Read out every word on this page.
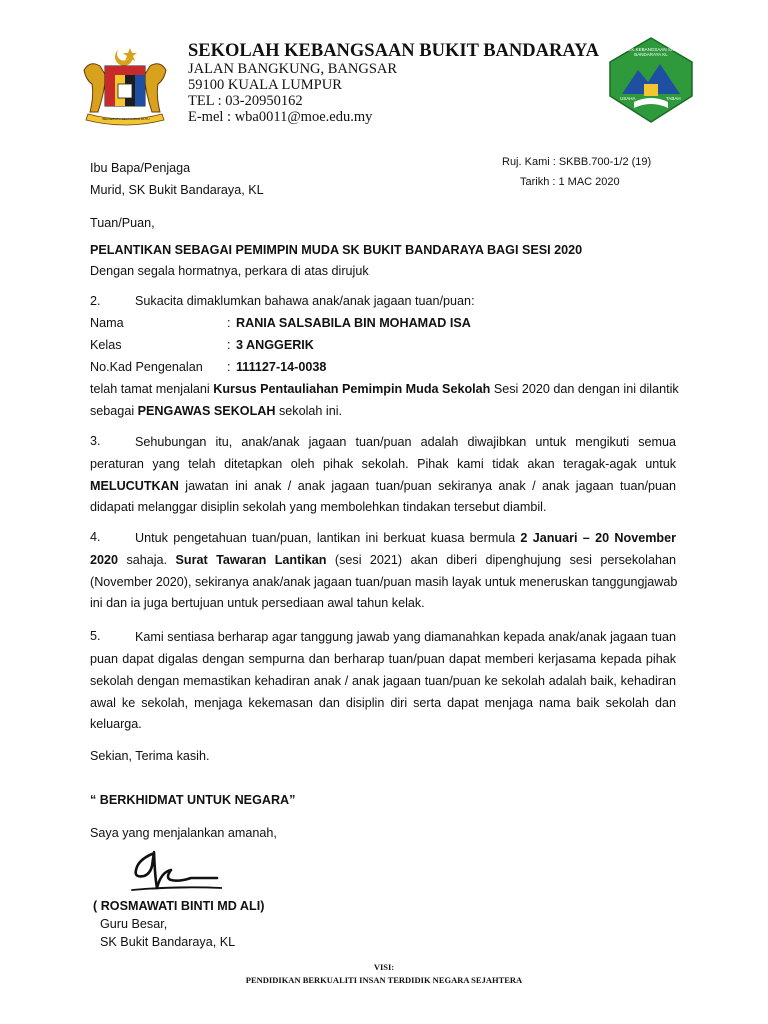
BERSEKUTU BERTAMBAH MUTU
SEKOLAH KEBANGSAAN BUKIT BANDARAYA
JALAN BANGKUNG, BANGSAR
59100 KUALA LUMPUR
TEL : 03-20950162
E-mel : wba0011@moe.edu.my
SEK.KEBANGSAAN SKT BANDARAYA KL
USAHA	TABAH
Ibu Bapa/Penjaga
Murid, SK Bukit Bandaraya, KL
Ruj. Kami : SKBB.700-1/2 (19)
Tarikh : 1 MAC 2020
Tuan/Puan,
PELANTIKAN SEBAGAI PEMIMPIN MUDA SK BUKIT BANDARAYA BAGI SESI 2020
Dengan segala hormatnya, perkara di atas dirujuk
2.	Sukacita dimaklumkan bahawa anak/anak jagaan tuan/puan:
Nama	: RANIA SALSABILA BIN MOHAMAD ISA
Kelas	: 3 ANGGERIK
No.Kad Pengenalan : 111127-14-0038
telah tamat menjalani Kursus Pentauliahan Pemimpin Muda Sekolah Sesi 2020 dan dengan ini dilantik
sebagai PENGAWAS SEKOLAH sekolah ini.
3.	Sehubungan itu, anak/anak jagaan tuan/puan adalah diwajibkan untuk mengikuti semua
peraturan yang telah ditetapkan oleh pihak sekolah. Pihak kami tidak akan teragak-agak untuk
MELUCUTKAN jawatan ini anak / anak jagaan tuan/puan sekiranya anak / anak jagaan tuan/puan
didapati melanggar disiplin sekolah yang membolehkan tindakan tersebut diambil.
4.	Untuk pengetahuan tuan/puan, lantikan ini berkuat kuasa bermula 2 Januari – 20 November
2020 sahaja. Surat Tawaran Lantikan (sesi 2021) akan diberi dipenghujung sesi persekolahan
(November 2020), sekiranya anak/anak jagaan tuan/puan masih layak untuk meneruskan tanggungjawab
ini dan ia juga bertujuan untuk persediaan awal tahun kelak.
5.	Kami sentiasa berharap agar tanggung jawab yang diamanahkan kepada anak/anak jagaan tuan
puan dapat digalas dengan sempurna dan berharap tuan/puan dapat memberi kerjasama kepada pihak
sekolah dengan memastikan kehadiran anak / anak jagaan tuan/puan ke sekolah adalah baik, kehadiran
awal ke sekolah, menjaga kekemasan dan disiplin diri serta dapat menjaga nama baik sekolah dan
keluarga.
Sekian, Terima kasih.
“ BERKHIDMAT UNTUK NEGARA”
Saya yang menjalankan amanah,
( ROSMAWATI BINTI MD ALI)
Guru Besar,
SK Bukit Bandaraya, KL
VISI:
PENDIDIKAN BERKUALITI INSAN TERDIDIK NEGARA SEJAHTERA
